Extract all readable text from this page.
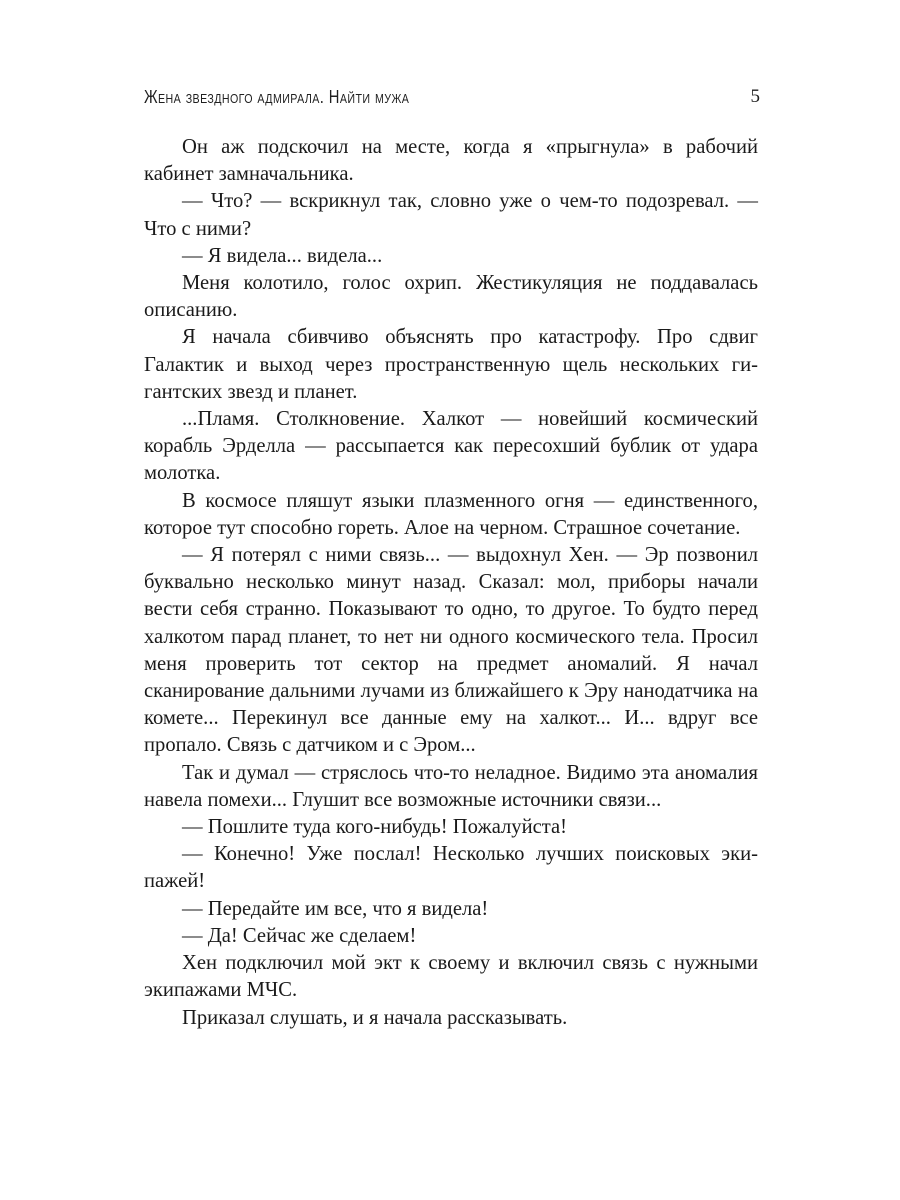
Жена звездного адмирала. Найти мужа	5

Он аж подскочил на месте, когда я «прыгнула» в рабочий кабинет замначальника.

— Что? — вскрикнул так, словно уже о чем-то подозревал. — Что с ними?

— Я видела... видела...

Меня колотило, голос охрип. Жестикуляция не поддавалась описанию.

Я начала сбивчиво объяснять про катастрофу. Про сдвиг Галактик и выход через пространственную щель нескольких гигантских звезд и планет.

...Пламя. Столкновение. Халкот — новейший космический корабль Эрделла — рассыпается как пересохший бублик от удара молотка.

В космосе пляшут языки плазменного огня — единственного, которое тут способно гореть. Алое на черном. Страшное сочетание.

— Я потерял с ними связь... — выдохнул Хен. — Эр позвонил буквально несколько минут назад. Сказал: мол, приборы начали вести себя странно. Показывают то одно, то другое. То будто перед халкотом парад планет, то нет ни одного космического тела. Просил меня проверить тот сектор на предмет аномалий. Я начал сканирование дальними лучами из ближайшего к Эру нанодатчика на комете... Перекинул все данные ему на халкот... И... вдруг все пропало. Связь с датчиком и с Эром...

Так и думал — стряслось что-то неладное. Видимо эта аномалия навела помехи... Глушит все возможные источники связи...

— Пошлите туда кого-нибудь! Пожалуйста!

— Конечно! Уже послал! Несколько лучших поисковых экипажей!

— Передайте им все, что я видела!

— Да! Сейчас же сделаем!

Хен подключил мой экт к своему и включил связь с нужными экипажами МЧС.

Приказал слушать, и я начала рассказывать.
